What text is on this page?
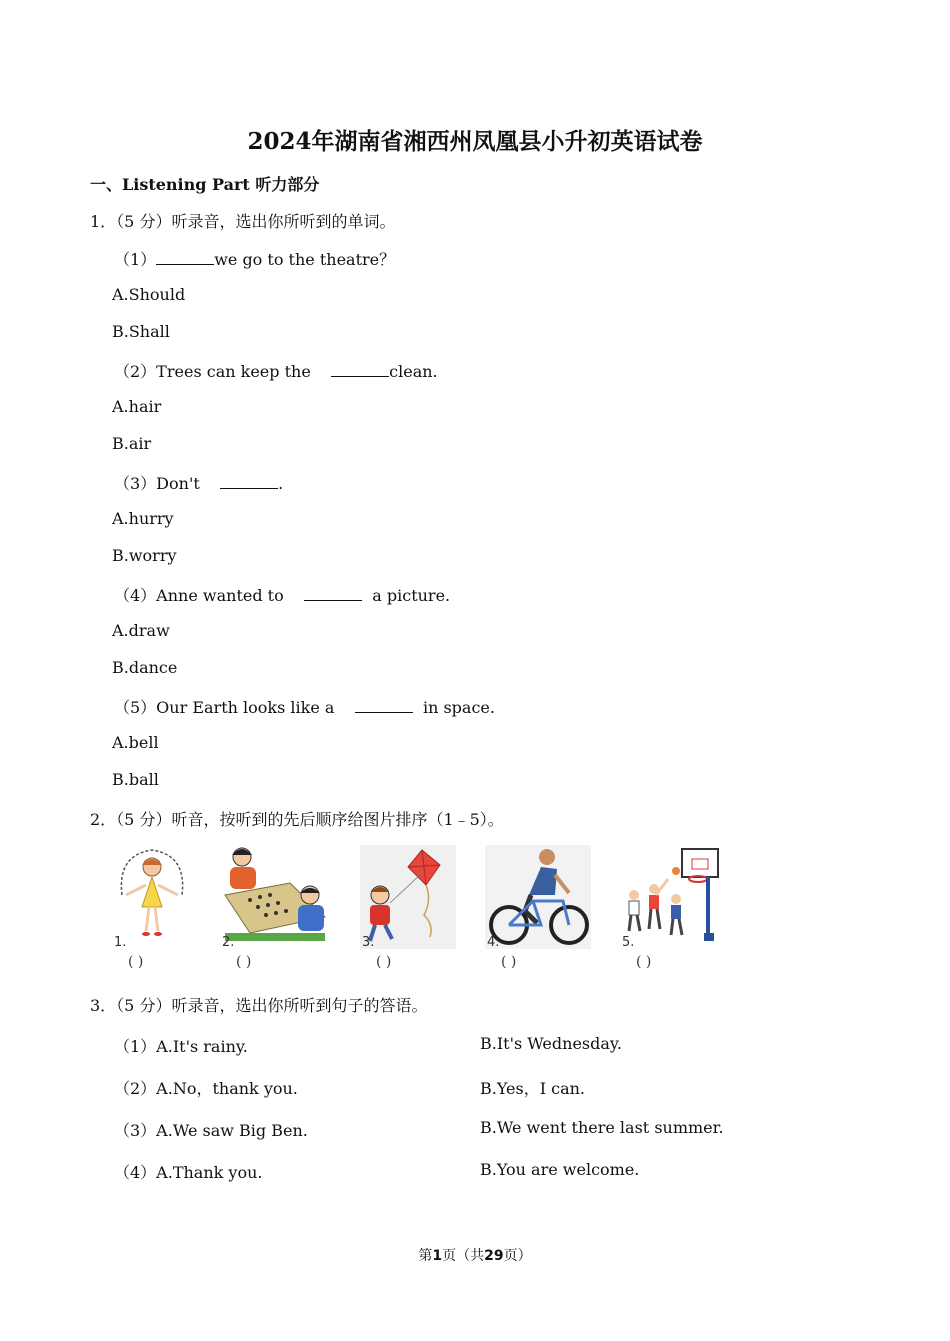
2024年湖南省湘西州凤凰县小升初英语试卷
一、Listening Part 听力部分
1．（5 分）听录音，选出你所听到的单词。
（1）	we go to the theatre？
A.Should
B.Shall
（2）Trees can keep the	clean.
A.hair
B.air
（3）Don't	.
A.hurry
B.worry
（4）Anne wanted to	a picture.
A.draw
B.dance
（5）Our Earth looks like a	in space.
A.bell
B.ball
2．（5 分）听音，按听到的先后顺序给图片排序（1﹣5）。
1.
( )
2.
( )
3.
( )
4.
( )
5.
( )
3．（5 分）听录音，选出你所听到句子的答语。
（1）A.It's rainy.	B.It's Wednesday.
（2）A.No，thank you.	B.Yes，I can.
（3）A.We saw Big Ben.	B.We went there last summer.
（4）A.Thank you.	B.You are welcome.
第1页（共29页）
